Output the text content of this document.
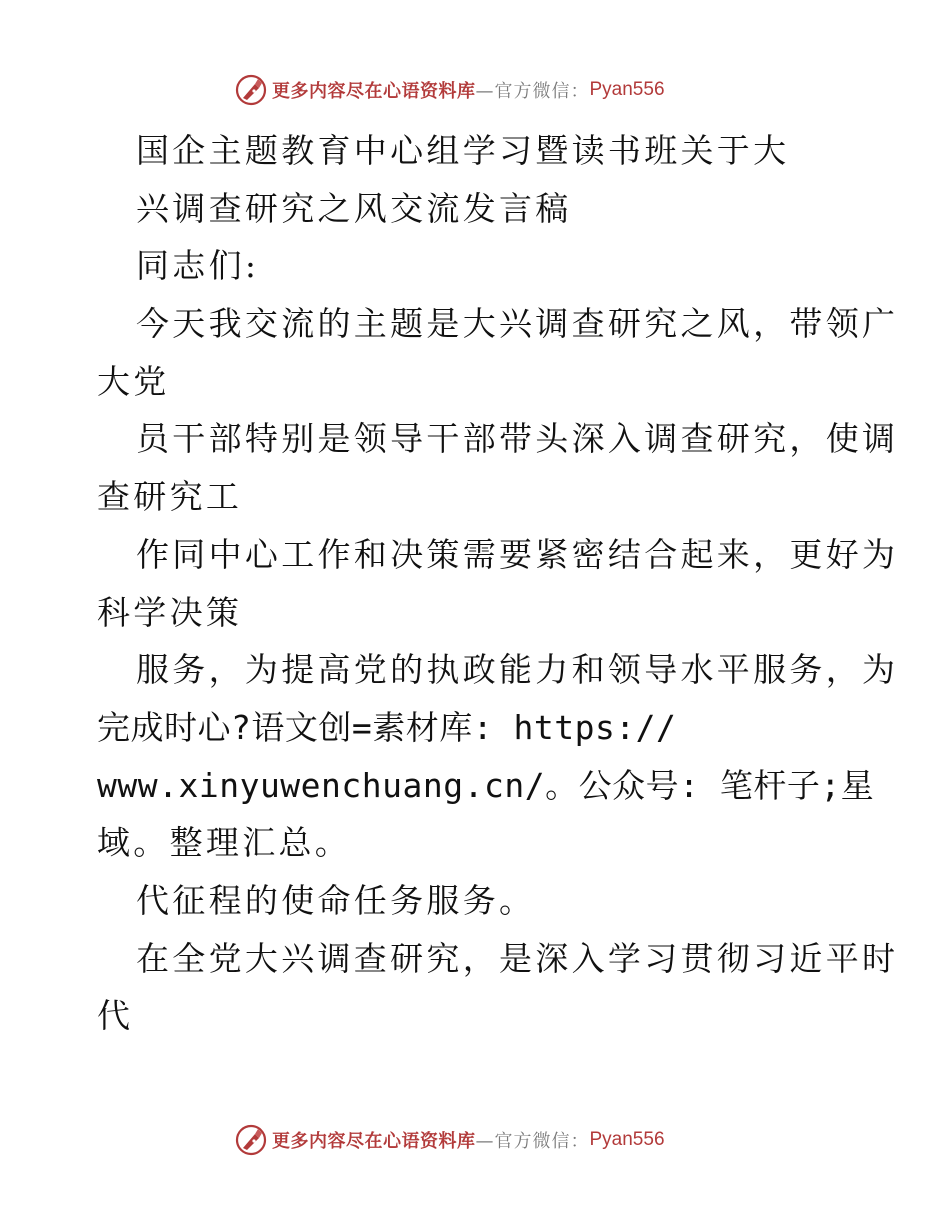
更多内容尽在心语资料库 —官方微信： Pyan556
国企主题教育中心组学习暨读书班关于大
兴调查研究之风交流发言稿
同志们:
今天我交流的主题是大兴调查研究之风，带领广
大党
员干部特别是领导干部带头深入调查研究，使调
查研究工
作同中心工作和决策需要紧密结合起来，更好为
科学决策
服务，为提高党的执政能力和领导水平服务，为
完成时心?语文创=素材库: https://
www.xinyuwenchuang.cn/。公众号: 笔杆子;星
域。整理汇总。
代征程的使命任务服务。
在全党大兴调查研究，是深入学习贯彻习近平时
代
更多内容尽在心语资料库 —官方微信： Pyan556
